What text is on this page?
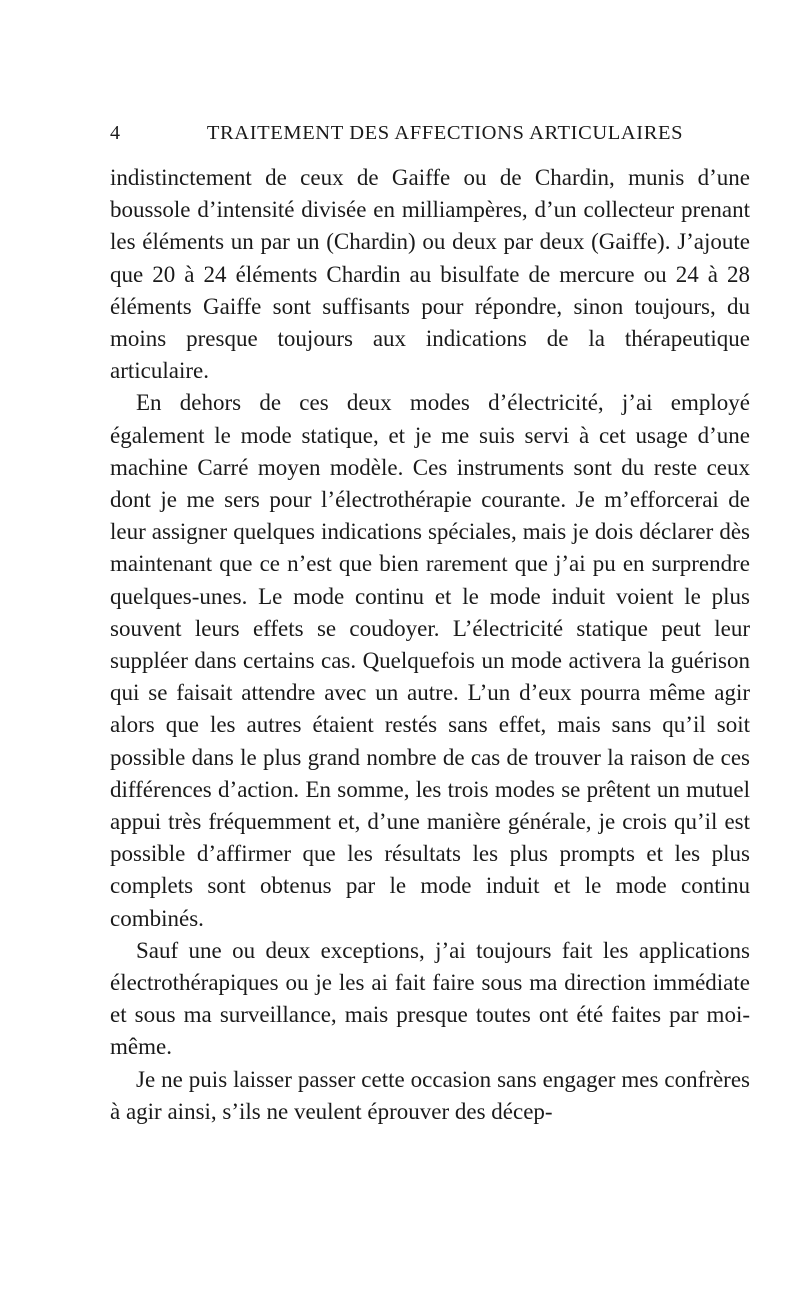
4	TRAITEMENT DES AFFECTIONS ARTICULAIRES

indistinctement de ceux de Gaiffe ou de Chardin, munis d’une boussole d’intensité divisée en milliampères, d’un collecteur prenant les éléments un par un (Chardin) ou deux par deux (Gaiffe). J’ajoute que 20 à 24 éléments Chardin au bisulfate de mercure ou 24 à 28 éléments Gaiffe sont suffisants pour répondre, sinon toujours, du moins presque toujours aux indications de la thérapeutique articulaire.

En dehors de ces deux modes d’électricité, j’ai employé également le mode statique, et je me suis servi à cet usage d’une machine Carré moyen modèle. Ces instruments sont du reste ceux dont je me sers pour l’électrothérapie courante. Je m’efforcerai de leur assigner quelques indications spéciales, mais je dois déclarer dès maintenant que ce n’est que bien rarement que j’ai pu en surprendre quelques-unes. Le mode continu et le mode induit voient le plus souvent leurs effets se coudoyer. L’électricité statique peut leur suppléer dans certains cas. Quelquefois un mode activera la guérison qui se faisait attendre avec un autre. L’un d’eux pourra même agir alors que les autres étaient restés sans effet, mais sans qu’il soit possible dans le plus grand nombre de cas de trouver la raison de ces différences d’action. En somme, les trois modes se prêtent un mutuel appui très fréquemment et, d’une manière générale, je crois qu’il est possible d’affirmer que les résultats les plus prompts et les plus complets sont obtenus par le mode induit et le mode continu combinés.

Sauf une ou deux exceptions, j’ai toujours fait les applications électrothérapiques ou je les ai fait faire sous ma direction immédiate et sous ma surveillance, mais presque toutes ont été faites par moi-même.

Je ne puis laisser passer cette occasion sans engager mes confrères à agir ainsi, s’ils ne veulent éprouver des décep-
